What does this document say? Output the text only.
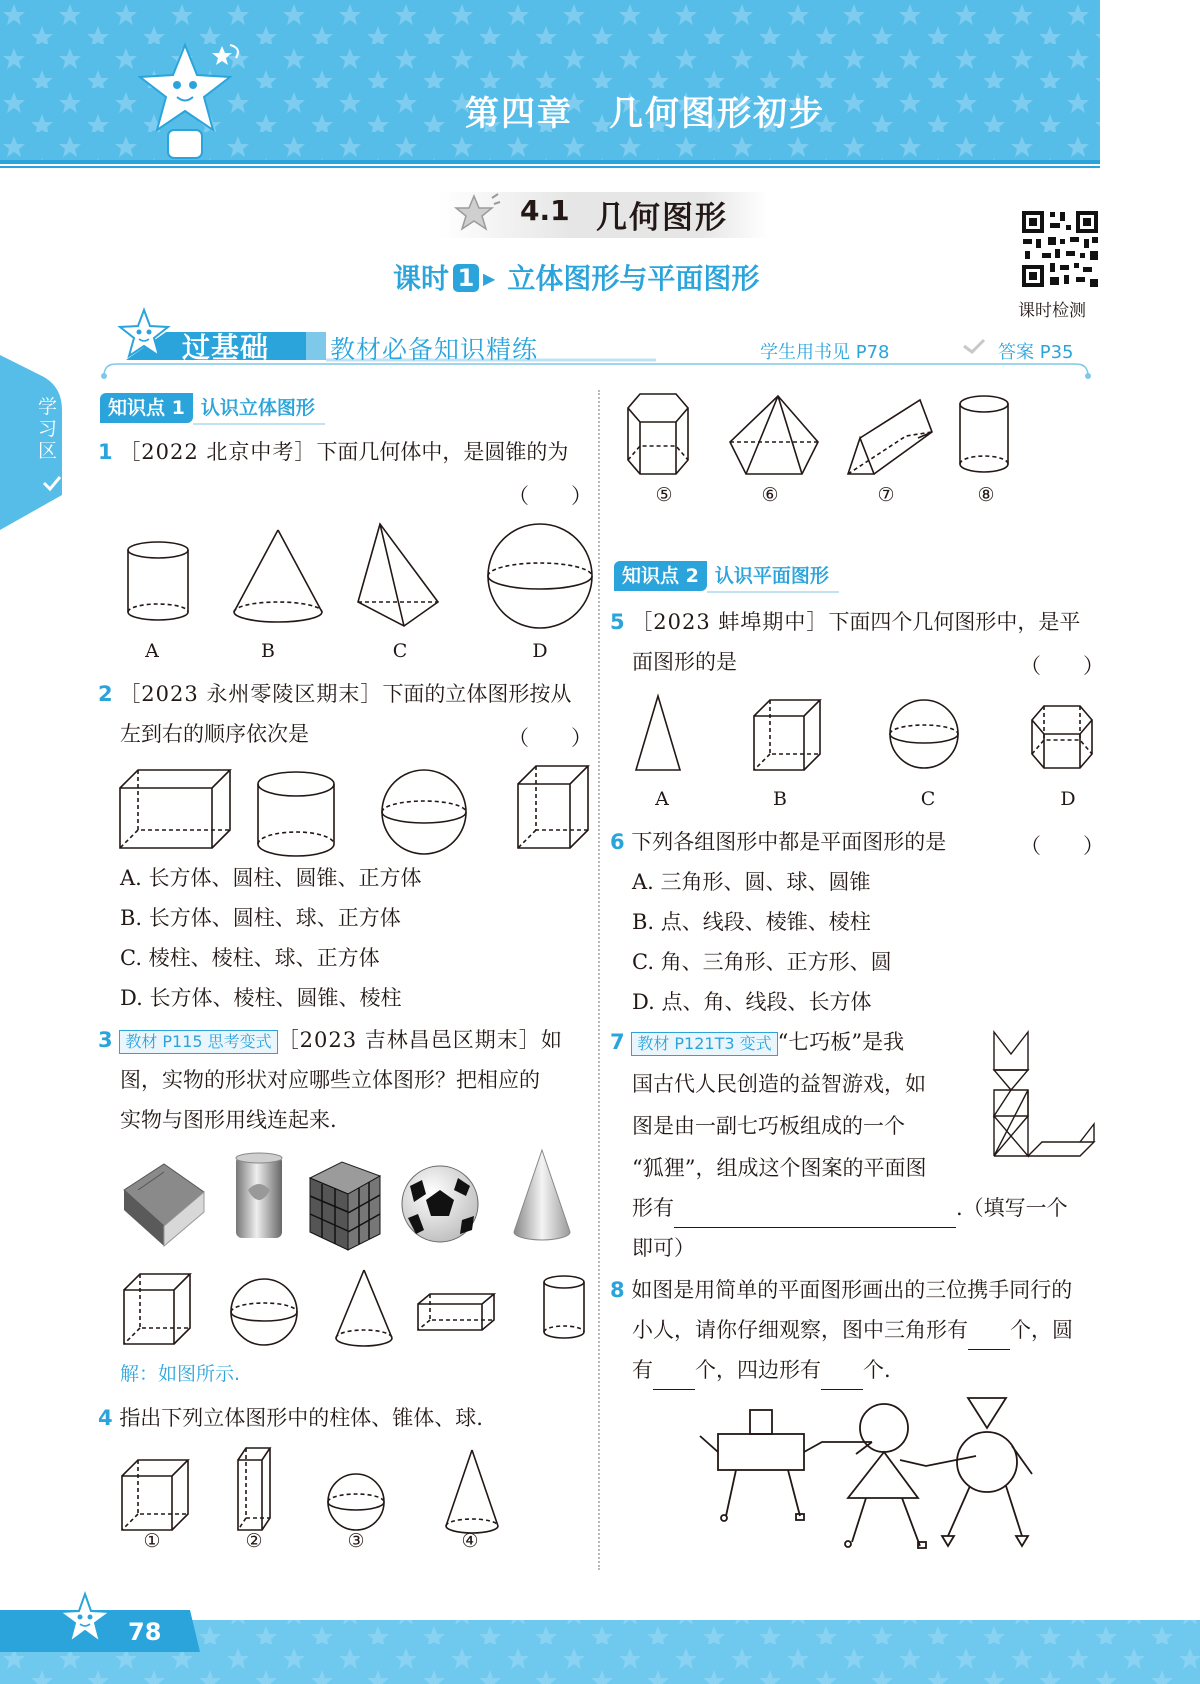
第四章　几何图形初步
4.1 几何图形
课时 1 ▶ 立体图形与平面图形
课时检测
过基础 教材必备知识精练	学生用书见 P78	答案 P35
学习区
知识点 1 认识立体图形
1 ［2022 北京中考］下面几何体中，是圆锥的为
（　　）
A	B	C	D
2 ［2023 永州零陵区期末］下面的立体图形按从
左到右的顺序依次是	（　　）
A. 长方体、圆柱、圆锥、正方体
B. 长方体、圆柱、球、正方体
C. 棱柱、棱柱、球、正方体
D. 长方体、棱柱、圆锥、棱柱
3 教材 P115 思考变式 ［2023 吉林昌邑区期末］如
图，实物的形状对应哪些立体图形？把相应的
实物与图形用线连起来.
解：如图所示.
4 指出下列立体图形中的柱体、锥体、球.
①	②	③	④
⑤	⑥	⑦	⑧
知识点 2 认识平面图形
5 ［2023 蚌埠期中］下面四个几何图形中，是平
面图形的是	（　　）
A	B	C	D
6 下列各组图形中都是平面图形的是	（　　）
A. 三角形、圆、球、圆锥
B. 点、线段、棱锥、棱柱
C. 角、三角形、正方形、圆
D. 点、角、线段、长方体
7 教材 P121T3 变式 “七巧板”是我
国古代人民创造的益智游戏，如
图是由一副七巧板组成的一个
“狐狸”，组成这个图案的平面图
形有	.（填写一个
即可）
8 如图是用简单的平面图形画出的三位携手同行的
小人，请你仔细观察，图中三角形有 个，圆
有 个，四边形有 个.
78
